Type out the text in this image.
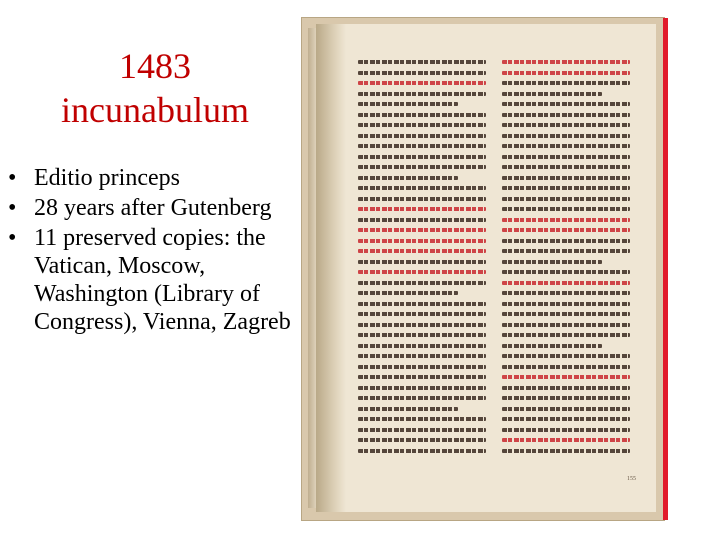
1483
incunabulum
• Editio princeps
• 28 years after Gutenberg
• 11 preserved copies: the Vatican, Moscow, Washington (Library of Congress), Vienna, Zagreb
155
